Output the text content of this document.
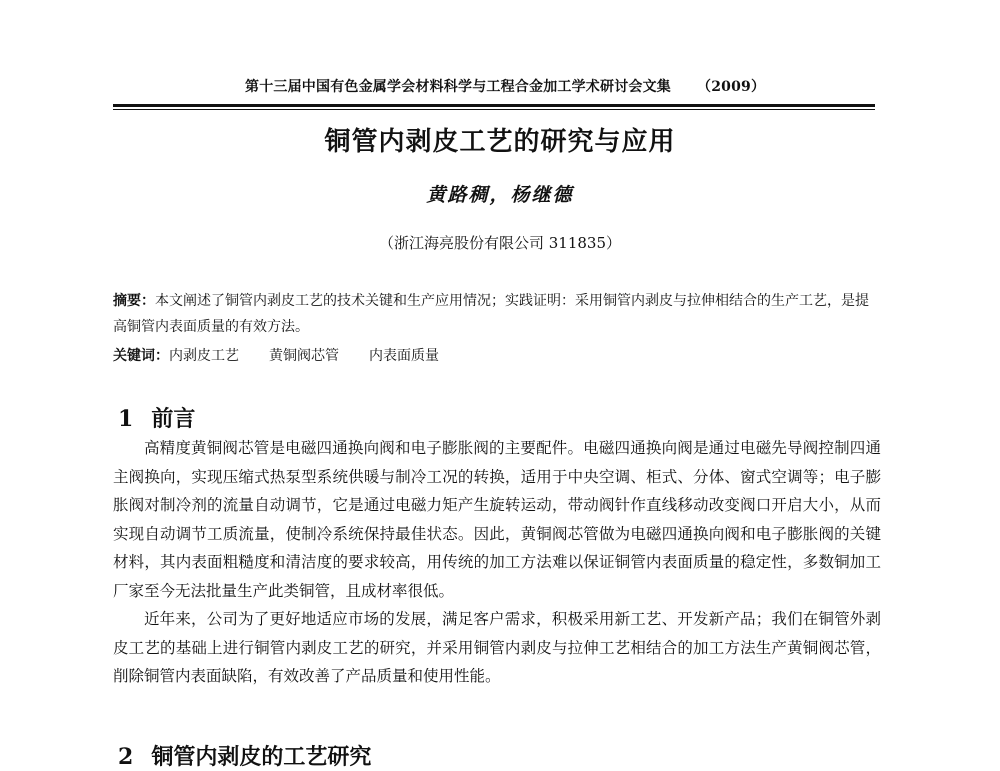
第十三届中国有色金属学会材料科学与工程合金加工学术研讨会文集 （2009）
铜管内剥皮工艺的研究与应用
黄路稠，杨继德
（浙江海亮股份有限公司 311835）
摘要：本文阐述了铜管内剥皮工艺的技术关键和生产应用情况；实践证明：采用铜管内剥皮与拉伸相结合的生产工艺，是提高铜管内表面质量的有效方法。
关键词：内剥皮工艺 黄铜阀芯管 内表面质量
1 前言

高精度黄铜阀芯管是电磁四通换向阀和电子膨胀阀的主要配件。电磁四通换向阀是通过电磁先导阀控制四通主阀换向，实现压缩式热泵型系统供暖与制冷工况的转换，适用于中央空调、柜式、分体、窗式空调等；电子膨胀阀对制冷剂的流量自动调节，它是通过电磁力矩产生旋转运动，带动阀针作直线移动改变阀口开启大小，从而实现自动调节工质流量，使制冷系统保持最佳状态。因此，黄铜阀芯管做为电磁四通换向阀和电子膨胀阀的关键材料，其内表面粗糙度和清洁度的要求较高，用传统的加工方法难以保证铜管内表面质量的稳定性，多数铜加工厂家至今无法批量生产此类铜管，且成材率很低。

近年来，公司为了更好地适应市场的发展，满足客户需求，积极采用新工艺、开发新产品；我们在铜管外剥皮工艺的基础上进行铜管内剥皮工艺的研究，并采用铜管内剥皮与拉伸工艺相结合的加工方法生产黄铜阀芯管，削除铜管内表面缺陷，有效改善了产品质量和使用性能。

2 铜管内剥皮的工艺研究
